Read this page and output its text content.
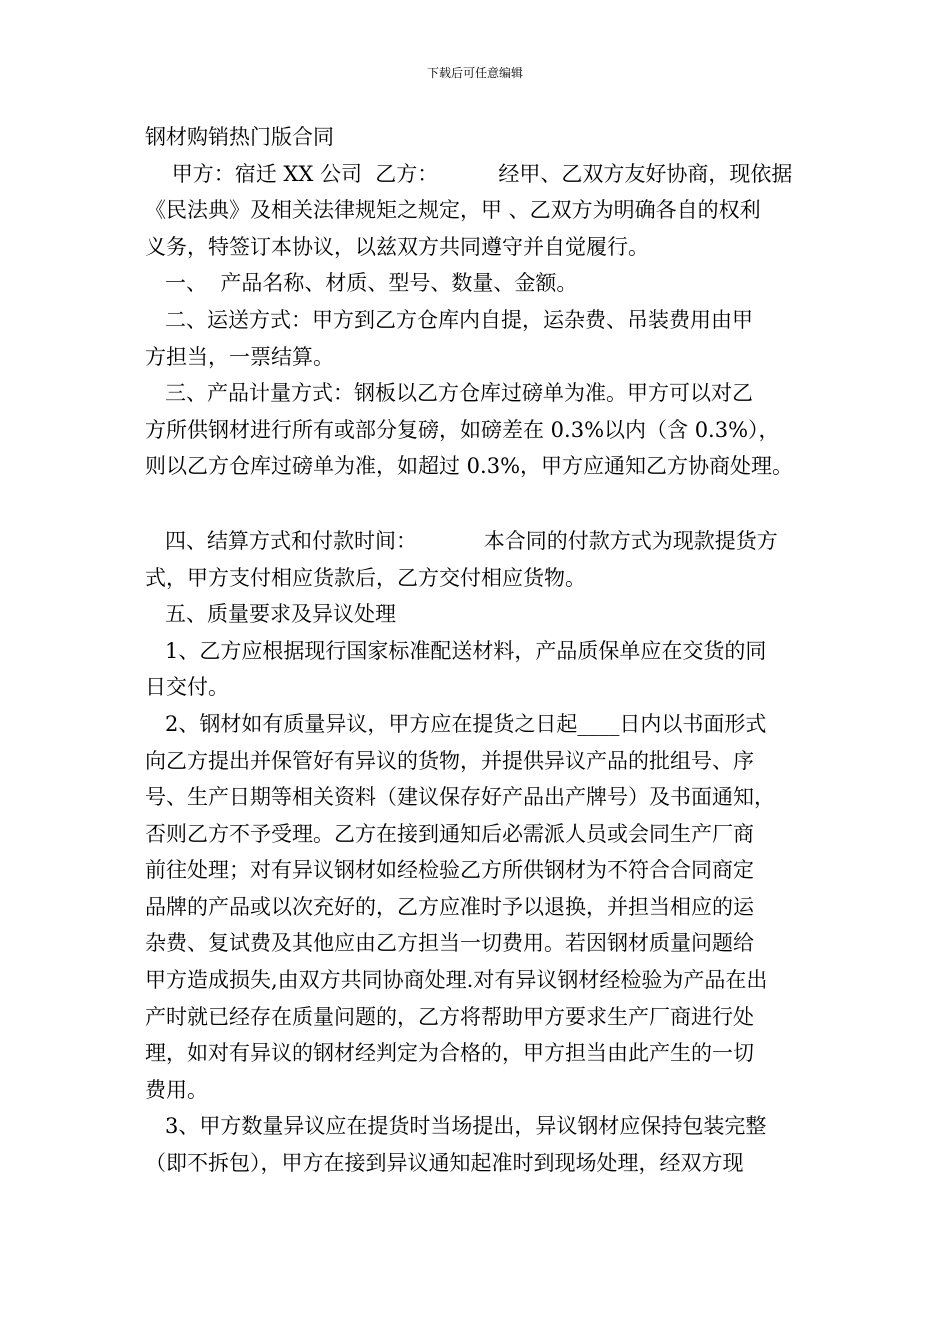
下载后可任意编辑
钢材购销热门版合同
甲方：宿迁 XX 公司  乙方：         经甲、乙双方友好协商，现依据
《民法典》及相关法律规矩之规定，甲 、乙双方为明确各自的权利
义务，特签订本协议，以兹双方共同遵守并自觉履行。
一、  产品名称、材质、型号、数量、金额。
二、运送方式：甲方到乙方仓库内自提，运杂费、吊装费用由甲
方担当，一票结算。
三、产品计量方式：钢板以乙方仓库过磅单为准。甲方可以对乙
方所供钢材进行所有或部分复磅，如磅差在 0.3%以内（含 0.3%），
则以乙方仓库过磅单为准，如超过 0.3%，甲方应通知乙方协商处理。
四、结算方式和付款时间：          本合同的付款方式为现款提货方
式，甲方支付相应货款后，乙方交付相应货物。
五、质量要求及异议处理
1、乙方应根据现行国家标准配送材料，产品质保单应在交货的同
日交付。
2、钢材如有质量异议，甲方应在提货之日起____日内以书面形式
向乙方提出并保管好有异议的货物，并提供异议产品的批组号、序
号、生产日期等相关资料（建议保存好产品出产牌号）及书面通知，
否则乙方不予受理。乙方在接到通知后必需派人员或会同生产厂商
前往处理；对有异议钢材如经检验乙方所供钢材为不符合合同商定
品牌的产品或以次充好的，乙方应准时予以退换，并担当相应的运
杂费、复试费及其他应由乙方担当一切费用。若因钢材质量问题给
甲方造成损失,由双方共同协商处理.对有异议钢材经检验为产品在出
产时就已经存在质量问题的，乙方将帮助甲方要求生产厂商进行处
理，如对有异议的钢材经判定为合格的，甲方担当由此产生的一切
费用。
3、甲方数量异议应在提货时当场提出，异议钢材应保持包装完整
（即不拆包），甲方在接到异议通知起准时到现场处理，经双方现
